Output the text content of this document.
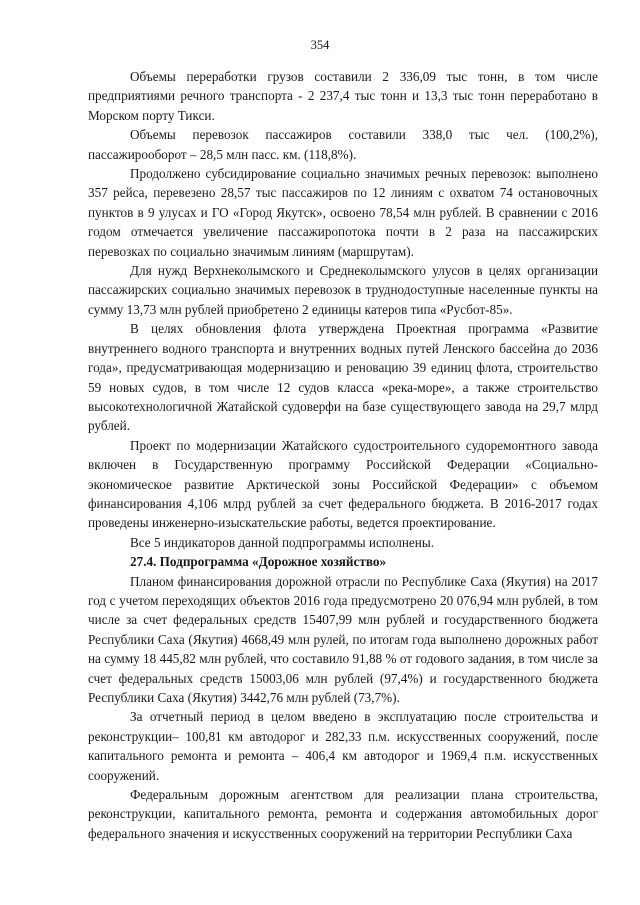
354

Объемы переработки грузов составили 2 336,09 тыс тонн, в том числе предприятиями речного транспорта - 2 237,4 тыс тонн и 13,3 тыс тонн переработано в Морском порту Тикси.

Объемы перевозок пассажиров составили 338,0 тыс чел. (100,2%), пассажирооборот – 28,5 млн пасс. км. (118,8%).

Продолжено субсидирование социально значимых речных перевозок: выполнено 357 рейса, перевезено 28,57 тыс пассажиров по 12 линиям с охватом 74 остановочных пунктов в 9 улусах и ГО «Город Якутск», освоено 78,54 млн рублей. В сравнении с 2016 годом отмечается увеличение пассажиропотока почти в 2 раза на пассажирских перевозках по социально значимым линиям (маршрутам).

Для нужд Верхнеколымского и Среднеколымского улусов в целях организации пассажирских социально значимых перевозок в труднодоступные населенные пункты на сумму 13,73 млн рублей приобретено 2 единицы катеров типа «Русбот-85».

В целях обновления флота утверждена Проектная программа «Развитие внутреннего водного транспорта и внутренних водных путей Ленского бассейна до 2036 года», предусматривающая модернизацию и реновацию 39 единиц флота, строительство 59 новых судов, в том числе 12 судов класса «река-море», а также строительство высокотехнологичной Жатайской судоверфи на базе существующего завода на 29,7 млрд рублей.

Проект по модернизации Жатайского судостроительного судоремонтного завода включен в Государственную программу Российской Федерации «Социально-экономическое развитие Арктической зоны Российской Федерации» с объемом финансирования 4,106 млрд рублей за счет федерального бюджета. В 2016-2017 годах проведены инженерно-изыскательские работы, ведется проектирование.

Все 5 индикаторов данной подпрограммы исполнены.

27.4. Подпрограмма «Дорожное хозяйство»

Планом финансирования дорожной отрасли по Республике Саха (Якутия) на 2017 год с учетом переходящих объектов 2016 года предусмотрено 20 076,94 млн рублей, в том числе за счет федеральных средств 15407,99 млн рублей и государственного бюджета Республики Саха (Якутия) 4668,49 млн рулей, по итогам года выполнено дорожных работ на сумму 18 445,82 млн рублей, что составило 91,88 % от годового задания, в том числе за счет федеральных средств 15003,06 млн рублей (97,4%) и государственного бюджета Республики Саха (Якутия) 3442,76 млн рублей (73,7%).

За отчетный период в целом введено в эксплуатацию после строительства и реконструкции– 100,81 км автодорог и 282,33 п.м. искусственных сооружений, после капитального ремонта и ремонта – 406,4 км автодорог и 1969,4 п.м. искусственных сооружений.

Федеральным дорожным агентством для реализации плана строительства, реконструкции, капитального ремонта, ремонта и содержания автомобильных дорог федерального значения и искусственных сооружений на территории Республики Саха
